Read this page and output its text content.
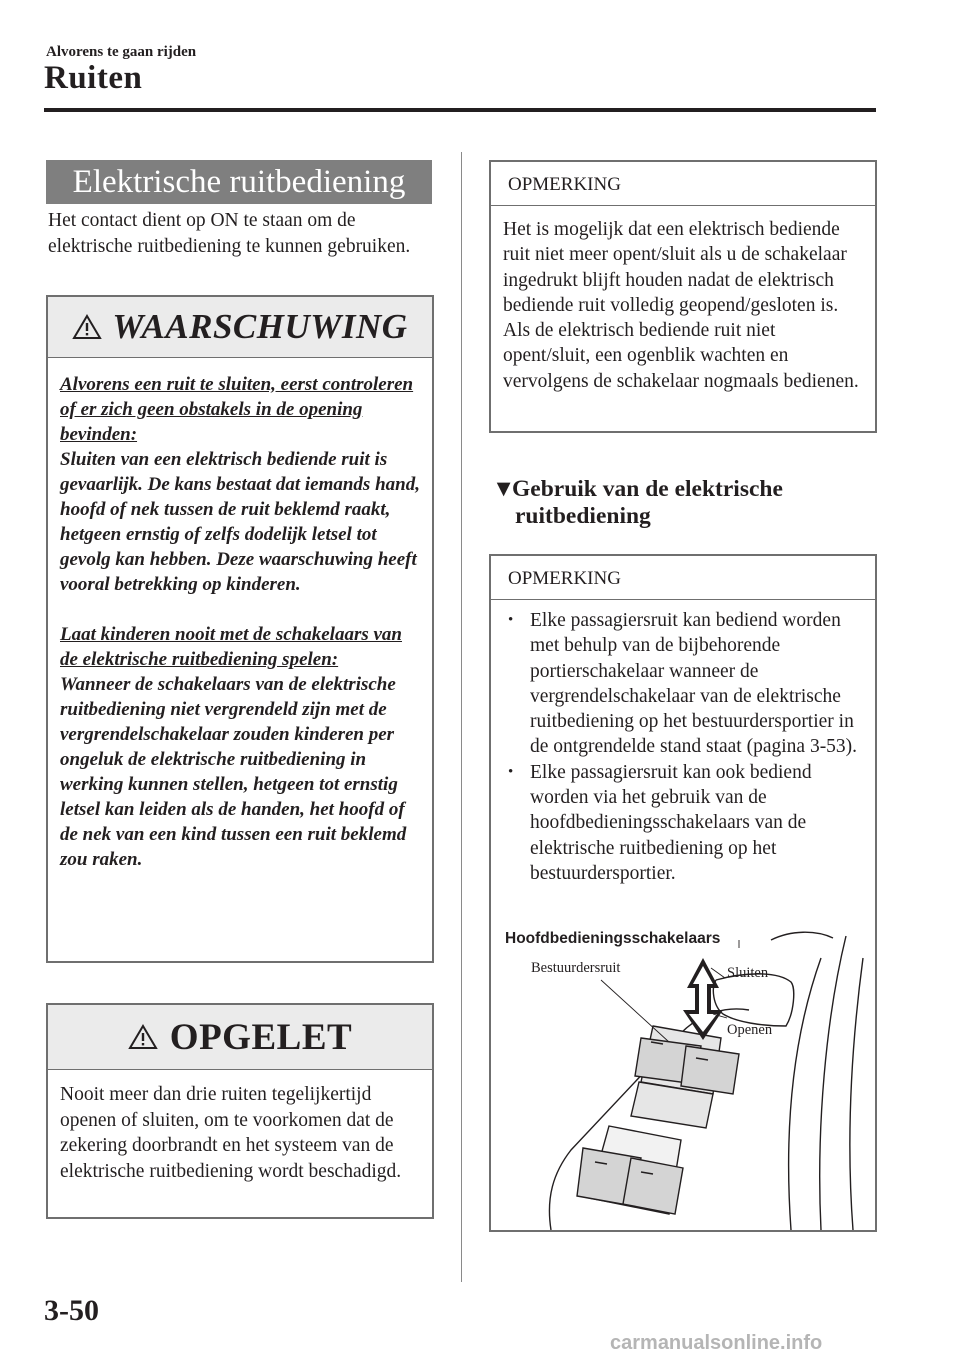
Alvorens te gaan rijden
Ruiten
Elektrische ruitbediening
Het contact dient op ON te staan om de elektrische ruitbediening te kunnen gebruiken.
WAARSCHUWING

Alvorens een ruit te sluiten, eerst controleren of er zich geen obstakels in de opening bevinden:

Sluiten van een elektrisch bediende ruit is gevaarlijk. De kans bestaat dat iemands hand, hoofd of nek tussen de ruit beklemd raakt, hetgeen ernstig of zelfs dodelijk letsel tot gevolg kan hebben. Deze waarschuwing heeft vooral betrekking op kinderen.

Laat kinderen nooit met de schakelaars van de elektrische ruitbediening spelen:

Wanneer de schakelaars van de elektrische ruitbediening niet vergrendeld zijn met de vergrendelschakelaar zouden kinderen per ongeluk de elektrische ruitbediening in werking kunnen stellen, hetgeen tot ernstig letsel kan leiden als de handen, het hoofd of de nek van een kind tussen een ruit beklemd zou raken.

OPGELET
Nooit meer dan drie ruiten tegelijkertijd openen of sluiten, om te voorkomen dat de zekering doorbrandt en het systeem van de elektrische ruitbediening wordt beschadigd.
OPMERKING
Het is mogelijk dat een elektrisch bediende ruit niet meer opent/sluit als u de schakelaar ingedrukt blijft houden nadat de elektrisch bediende ruit volledig geopend/gesloten is. Als de elektrisch bediende ruit niet opent/sluit, een ogenblik wachten en vervolgens de schakelaar nogmaals bedienen.
▼Gebruik van de elektrische
ruitbediening
OPMERKING
• Elke passagiersruit kan bediend worden met behulp van de bijbehorende portierschakelaar wanneer de vergrendelschakelaar van de elektrische ruitbediening op het bestuurdersportier in de ontgrendelde stand staat (pagina 3-53).
• Elke passagiersruit kan ook bediend worden via het gebruik van de hoofdbedieningsschakelaars van de elektrische ruitbediening op het bestuurdersportier.
Hoofdbedieningsschakelaars
Bestuurdersruit	Sluiten
Openen
3-50
carmanualsonline.info
